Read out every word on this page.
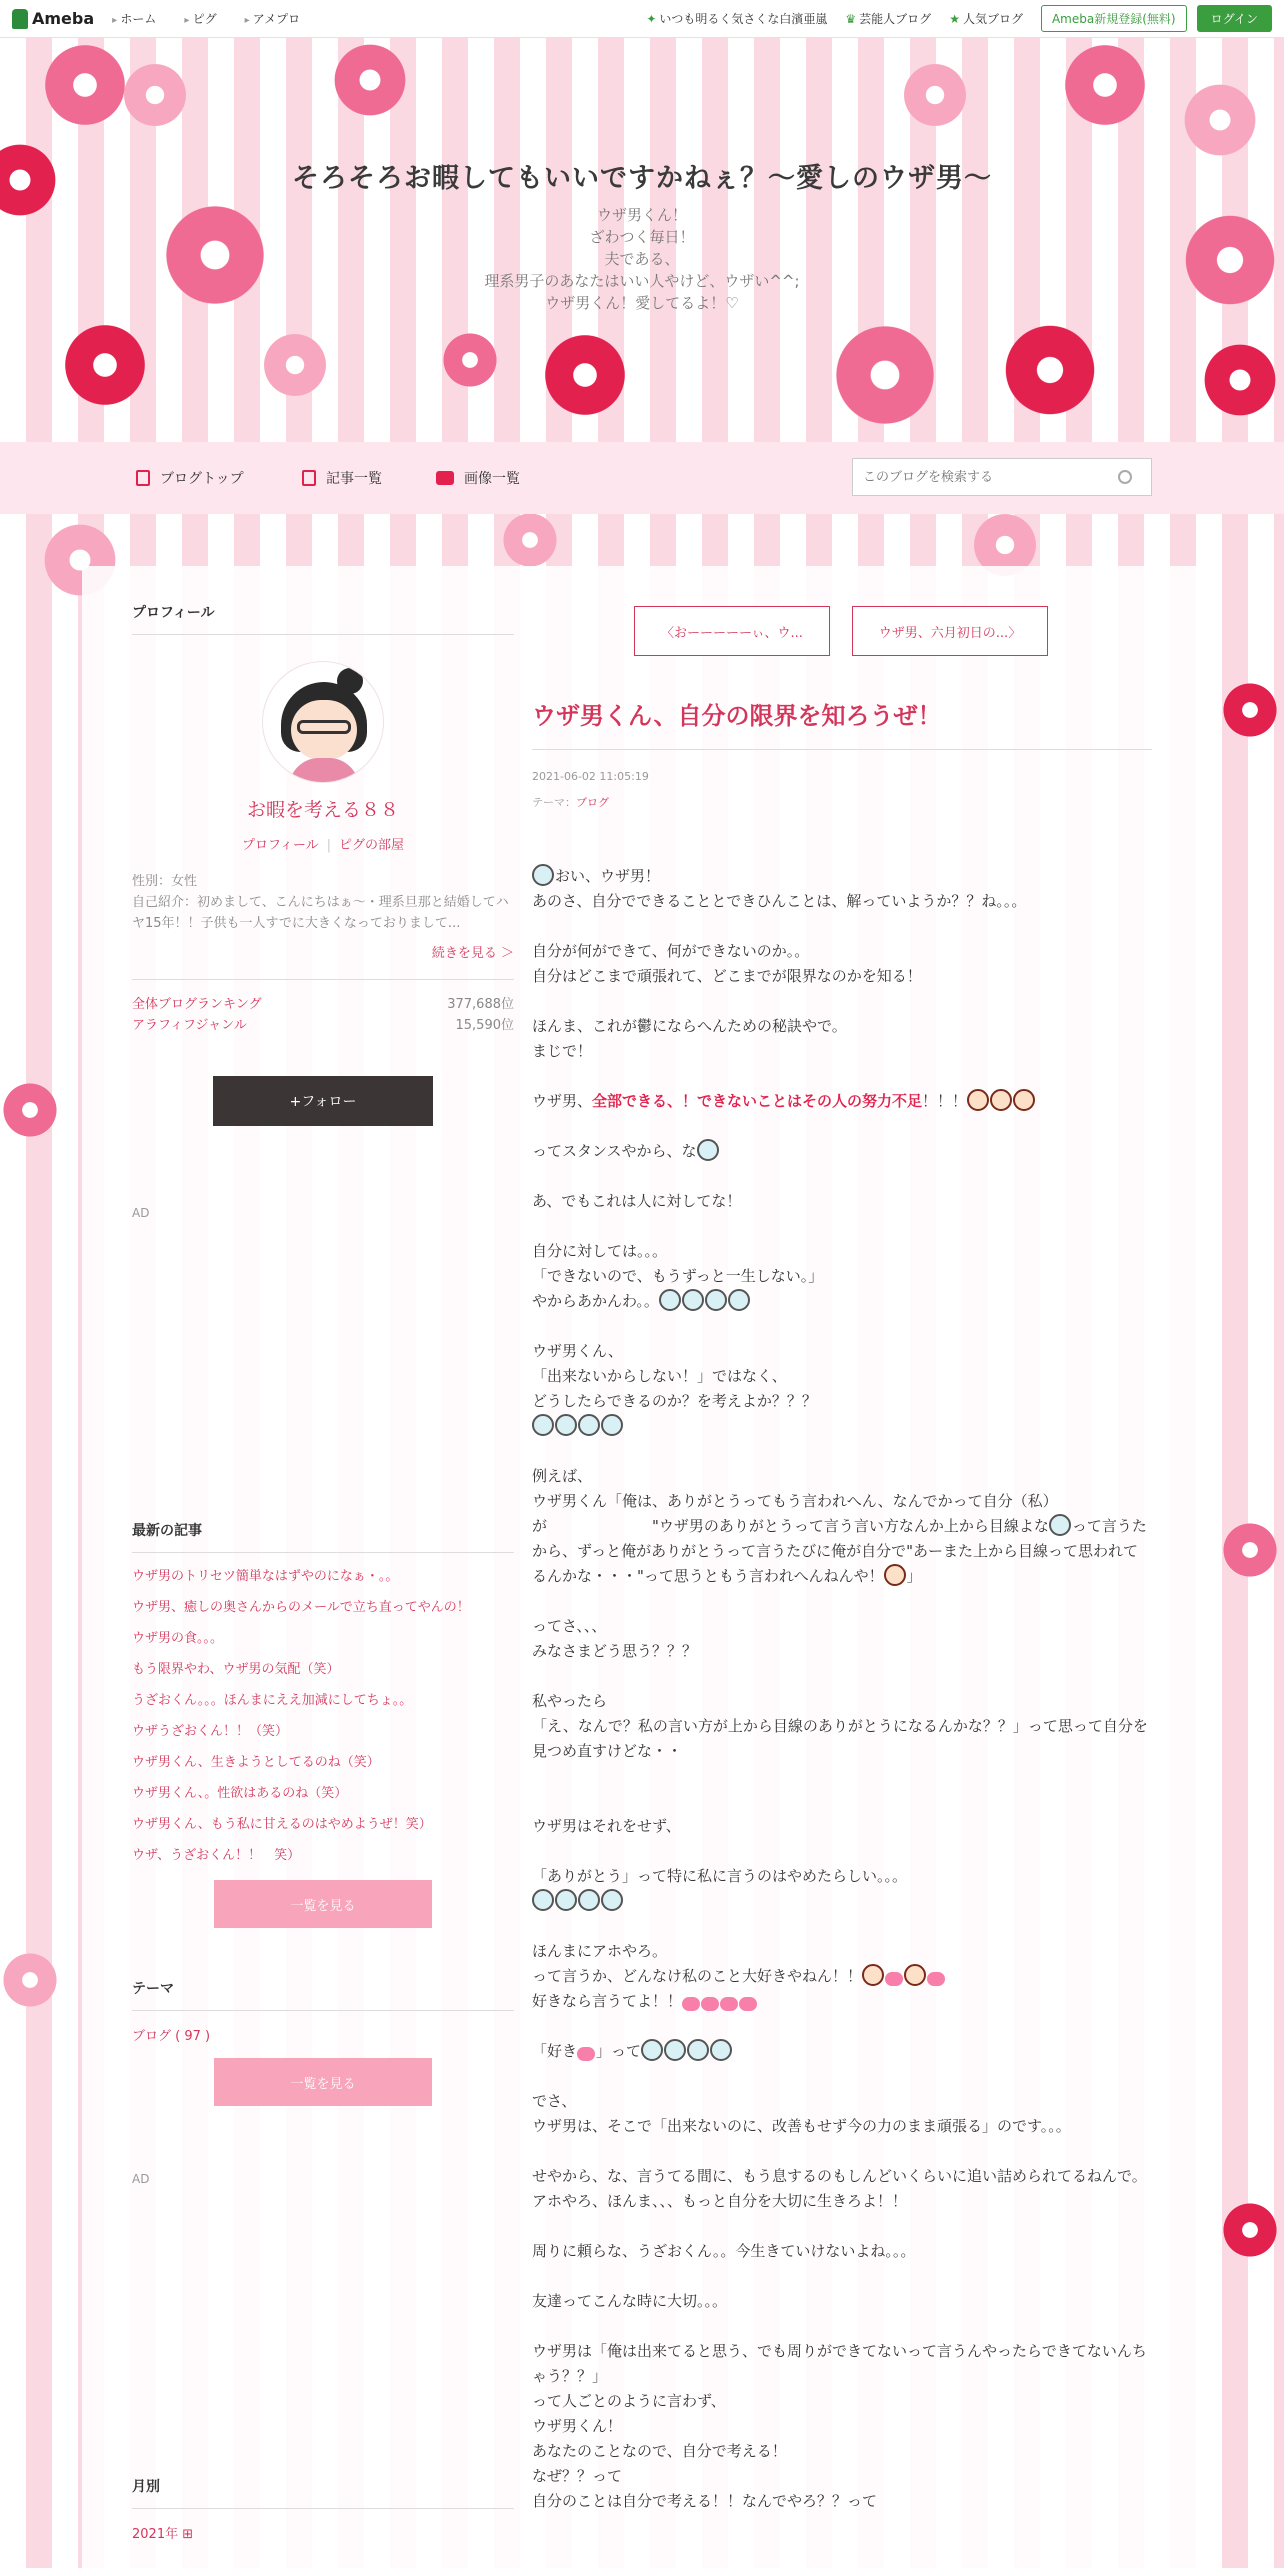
Ameba	▸ ホーム	▸ ピグ	▸ アメプロ	✦ いつも明るく気さくな白濱亜嵐 ♛ 芸能人ブログ ★ 人気ブログ	Ameba新規登録(無料)	ログイン
そろそろお暇してもいいですかねぇ？〜愛しのウザ男〜
ウザ男くん！
ざわつく毎日！
夫である、
理系男子のあなたはいい人やけど、ウザい^^;
ウザ男くん！愛してるよ！♡
ブログトップ	記事一覧	画像一覧
このブログを検索する
プロフィール
お暇を考える８８
プロフィール | ピグの部屋
性別：女性
自己紹介：初めまして、こんにちはぁ〜・理系旦那と結婚してハヤ15年！！子供も一人すでに大きくなっておりまして...
続きを見る ＞
全体ブログランキング	377,688位
アラフィフジャンル	15,590位
+フォロー
AD
最新の記事
ウザ男のトリセツ簡単なはずやのになぁ・。。
ウザ男、癒しの奥さんからのメールで立ち直ってやんの！
ウザ男の食。。。
もう限界やわ、ウザ男の気配（笑）
うざおくん。。。ほんまにええ加減にしてちょ。。
ウザうざおくん！！（笑）
ウザ男くん、生きようとしてるのね（笑）
ウザ男くん、。性欲はあるのね（笑）
ウザ男くん、もう私に甘えるのはやめようぜ！笑）
ウザ、うざおくん！！　笑）
一覧を見る
テーマ
ブログ ( 97 )
一覧を見る
AD
月別
2021年 ⊞
〈おーーーーーぃ、ウ...	ウザ男、六月初日の...〉
ウザ男くん、自分の限界を知ろうぜ！
2021-06-02 11:05:19
テーマ：ブログ

おい、ウザ男！
あのさ、自分でできることとできひんことは、解っていようか？？ね。。。

自分が何ができて、何ができないのか。。
自分はどこまで頑張れて、どこまでが限界なのかを知る！

ほんま、これが鬱にならへんための秘訣やで。
まじで！

ウザ男、全部できる、！できないことはその人の努力不足！！！

ってスタンスやから、な

あ、でもこれは人に対してな！

自分に対しては。。。
「できないので、もうずっと一生しない。」
やからあかんわ。。

ウザ男くん、
「出来ないからしない！」ではなく、
どうしたらできるのか？を考えよか？？？

例えば、
ウザ男くん「俺は、ありがとうってもう言われへん、なんでかって自分（私）が　　　　　　　"ウザ男のありがとうって言う言い方なんか上から目線よな って言うたから、ずっと俺がありがとうって言うたびに俺が自分で"あーまた上から目線って思われてるんかな・・・"って思うともう言われへんねんや！ 」

ってさ、、、
みなさまどう思う？？？

私やったら
「え、なんで？私の言い方が上から目線のありがとうになるんかな？？」って思って自分を見つめ直すけどな・・

ウザ男はそれをせず、

「ありがとう」って特に私に言うのはやめたらしい。。。

ほんまにアホやろ。
って言うか、どんなけ私のこと大好きやねん！！
好きなら言うてよ！！

「好き 」って

でさ、
ウザ男は、そこで「出来ないのに、改善もせず今の力のまま頑張る」のです。。。

せやから、な、言うてる間に、もう息するのもしんどいくらいに追い詰められてるねんで。
アホやろ、ほんま、、、もっと自分を大切に生きろよ！！

周りに頼らな、うざおくん。。今生きていけないよね。。。

友達ってこんな時に大切。。。

ウザ男は「俺は出来てると思う、でも周りができてないって言うんやったらできてないんちゃう？？」
って人ごとのように言わず、
ウザ男くん！
あなたのことなので、自分で考える！
なぜ？？って
自分のことは自分で考える！！なんでやろ？？って
